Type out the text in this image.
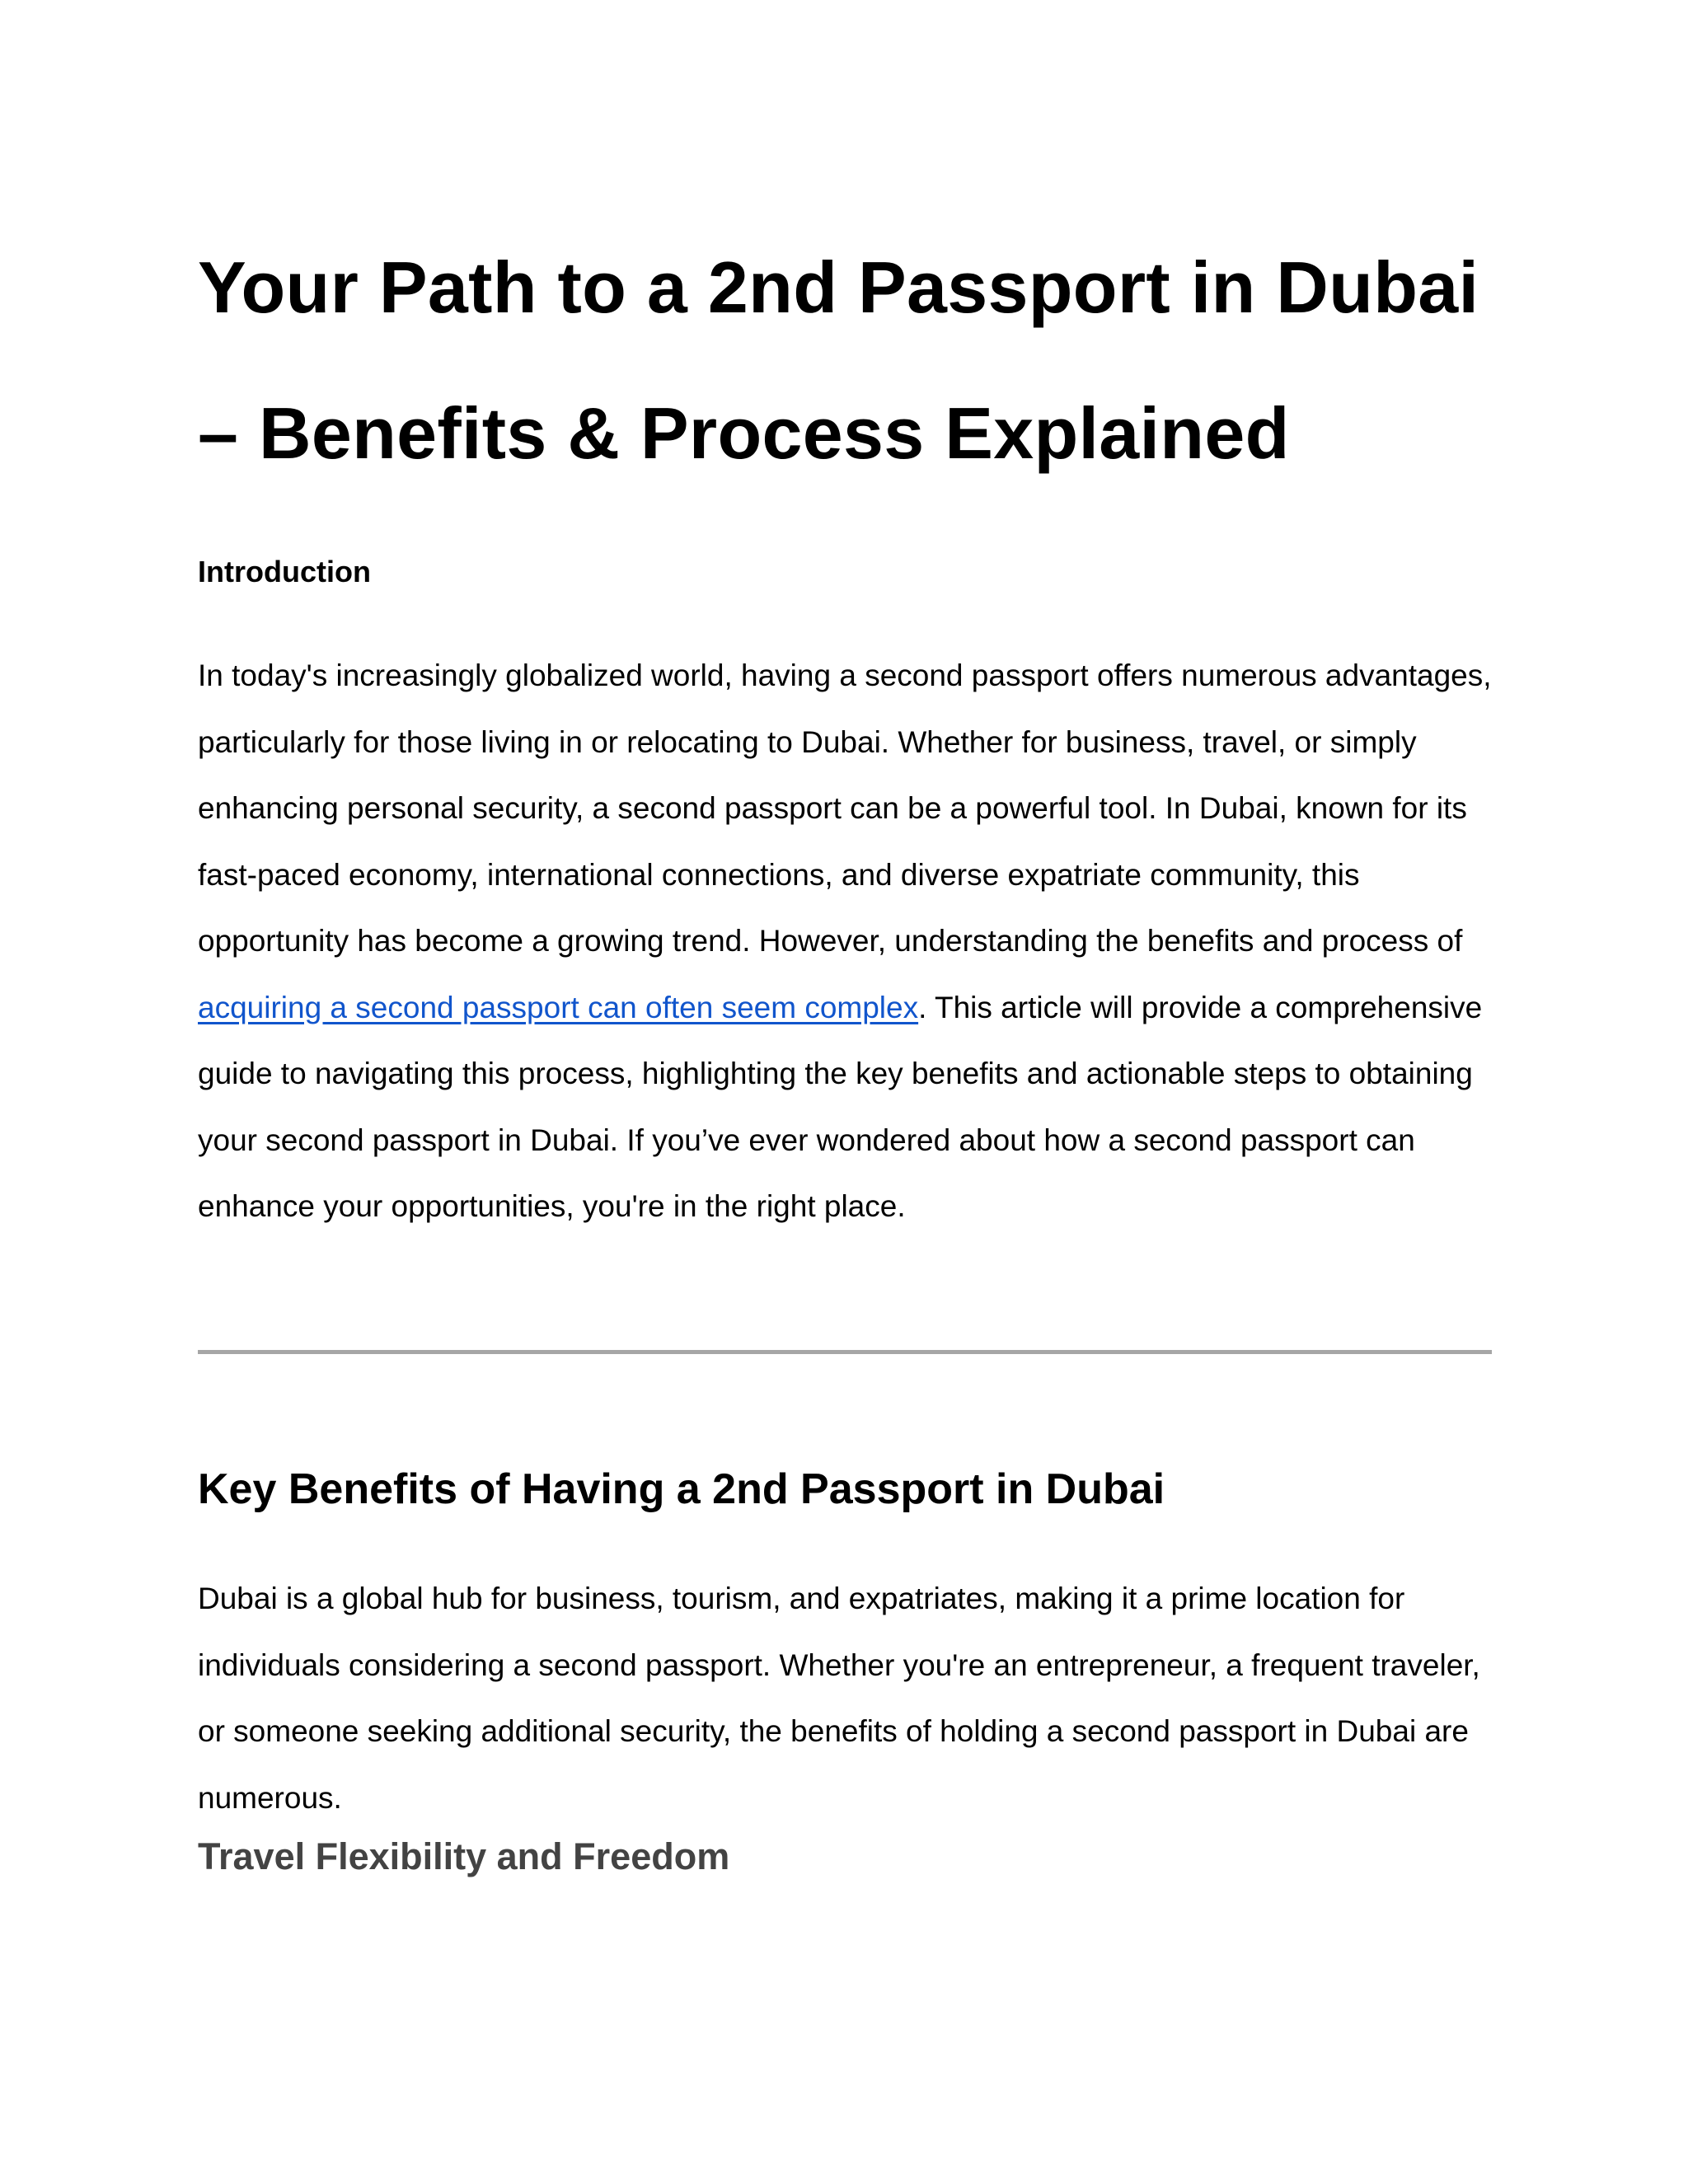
Your Path to a 2nd Passport in Dubai
– Benefits & Process Explained

Introduction

In today's increasingly globalized world, having a second passport offers numerous advantages, particularly for those living in or relocating to Dubai. Whether for business, travel, or simply enhancing personal security, a second passport can be a powerful tool. In Dubai, known for its fast-paced economy, international connections, and diverse expatriate community, this opportunity has become a growing trend. However, understanding the benefits and process of acquiring a second passport can often seem complex. This article will provide a comprehensive guide to navigating this process, highlighting the key benefits and actionable steps to obtaining your second passport in Dubai. If you’ve ever wondered about how a second passport can enhance your opportunities, you're in the right place.

Key Benefits of Having a 2nd Passport in Dubai

Dubai is a global hub for business, tourism, and expatriates, making it a prime location for individuals considering a second passport. Whether you're an entrepreneur, a frequent traveler, or someone seeking additional security, the benefits of holding a second passport in Dubai are numerous.

Travel Flexibility and Freedom
